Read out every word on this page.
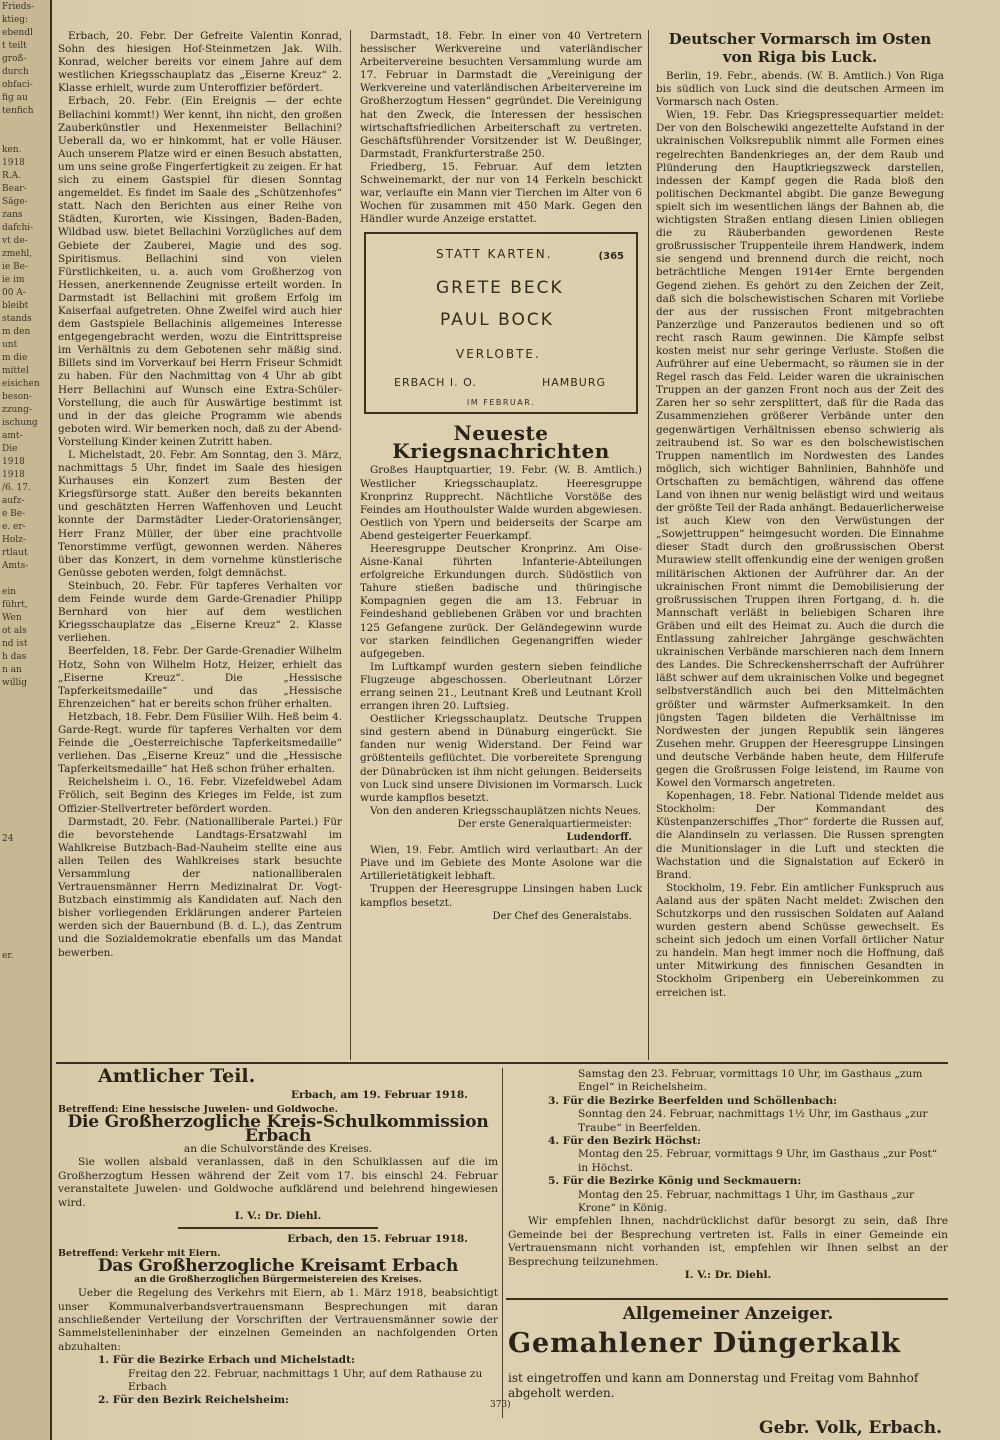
Frieds-

ktieg:

ebendl

t teilt

groß-

durch

obfaci-

fig au

tenfich

ken.

1918

R.A.

Bear-

Säge-

zans

dafchi-

vt de-

zmehl,

ie Be-

ie im

00 A-

bleibt

stands

m den

unt

m die

mittel

eisichen

beson-

zzung-

ischung

amt-

Die

1918

1918

/6. 17.

aufz-

e Be-

e. er-

Holz-

rtlaut

Amts-

ein

führt,

Wen

ot als

nd ist

h das

n an

willig

24

er.

Erbach, 20. Febr. Der Gefreite Valentin Konrad, Sohn des hiesigen Hof-Steinmetzen Jak. Wilh. Konrad, welcher bereits vor einem Jahre auf dem westlichen Kriegsschauplatz das „Eiserne Kreuz“ 2. Klasse erhielt, wurde zum Unteroffizier befördert.

Erbach, 20. Febr. (Ein Ereignis — der echte Bellachini kommt!) Wer kennt, ihn nicht, den großen Zauberkünstler und Hexenmeister Bellachini? Ueberall da, wo er hinkommt, hat er volle Häuser. Auch unserem Platze wird er einen Besuch abstatten, um uns seine große Fingerfertigkeit zu zeigen. Er hat sich zu einem Gastspiel für diesen Sonntag angemeldet. Es findet im Saale des „Schützenhofes“ statt. Nach den Berichten aus einer Reihe von Städten, Kurorten, wie Kissingen, Baden-Baden, Wildbad usw. bietet Bellachini Vorzügliches auf dem Gebiete der Zauberei, Magie und des sog. Spiritismus. Bellachini sind von vielen Fürstlichkeiten, u. a. auch vom Großherzog von Hessen, anerkennende Zeugnisse erteilt worden. In Darmstadt ist Bellachini mit großem Erfolg im Kaiserfaal aufgetreten. Ohne Zweifel wird auch hier dem Gastspiele Bellachinis allgemeines Interesse entgegengebracht werden, wozu die Eintrittspreise im Verhältnis zu dem Gebotenen sehr mäßig sind. Billets sind im Vorverkauf bei Herrn Friseur Schmidt zu haben. Für den Nachmittag von 4 Uhr ab gibt Herr Bellachini auf Wunsch eine Extra-Schüler-Vorstellung, die auch für Auswärtige bestimmt ist und in der das gleiche Programm wie abends geboten wird. Wir bemerken noch, daß zu der Abend-Vorstellung Kinder keinen Zutritt haben.

L Michelstadt, 20. Febr. Am Sonntag, den 3. März, nachmittags 5 Uhr, findet im Saale des hiesigen Kurhauses ein Konzert zum Besten der Kriegsfürsorge statt. Außer den bereits bekannten und geschätzten Herren Waffenhoven und Leucht konnte der Darmstädter Lieder-Oratoriensänger, Herr Franz Müller, der über eine prachtvolle Tenorstimme verfügt, gewonnen werden. Näheres über das Konzert, in dem vornehme künstlerische Genüsse geboten werden, folgt demnächst.

Steinbuch, 20. Febr. Für tapferes Verhalten vor dem Feinde wurde dem Garde-Grenadier Philipp Bernhard von hier auf dem westlichen Kriegsschauplatze das „Eiserne Kreuz“ 2. Klasse verliehen.

Beerfelden, 18. Febr. Der Garde-Grenadier Wilhelm Hotz, Sohn von Wilhelm Hotz, Heizer, erhielt das „Eiserne Kreuz“. Die „Hessische Tapferkeitsmedaille“ und das „Hessische Ehrenzeichen“ hat er bereits schon früher erhalten.

Hetzbach, 18. Febr. Dem Füsilier Wilh. Heß beim 4. Garde-Regt. wurde für tapferes Verhalten vor dem Feinde die „Oesterreichische Tapferkeitsmedaille“ verliehen. Das „Eiserne Kreuz“ und die „Hessische Tapferkeitsmedaille“ hat Heß schon früher erhalten.

Reichelsheim i. O., 16. Febr. Vizefeldwebel Adam Frölich, seit Beginn des Krieges im Felde, ist zum Offizier-Stellvertreter befördert worden.

Darmstadt, 20. Febr. (Nationalliberale Partei.) Für die bevorstehende Landtags-Ersatzwahl im Wahlkreise Butzbach-Bad-Nauheim stellte eine aus allen Teilen des Wahlkreises stark besuchte Versammlung der nationalliberalen Vertrauensmänner Herrn Medizinalrat Dr. Vogt-Butzbach einstimmig als Kandidaten auf. Nach den bisher vorliegenden Erklärungen anderer Parteien werden sich der Bauernbund (B. d. L.), das Zentrum und die Sozialdemokratie ebenfalls um das Mandat bewerben.

Darmstadt, 18. Febr. In einer von 40 Vertretern hessischer Werkvereine und vaterländischer Arbeitervereine besuchten Versammlung wurde am 17. Februar in Darmstadt die „Vereinigung der Werkvereine und vaterländischen Arbeitervereine im Großherzogtum Hessen“ gegründet. Die Vereinigung hat den Zweck, die Interessen der hessischen wirtschaftsfriedlichen Arbeiterschaft zu vertreten. Geschäftsführender Vorsitzender ist W. Deußinger, Darmstadt, Frankfurterstraße 250.

Friedberg, 15. Februar. Auf dem letzten Schweinemarkt, der nur von 14 Ferkeln beschickt war, verlaufte ein Mann vier Tierchen im Alter von 6 Wochen für zusammen mit 450 Mark. Gegen den Händler wurde Anzeige erstattet.

STATT KARTEN.	(365
GRETE BECK
PAUL BOCK
VERLOBTE.
ERBACH I. O.	HAMBURG
IM FEBRUAR.
Neueste Kriegsnachrichten

Großes Hauptquartier, 19. Febr. (W. B. Amtlich.) Westlicher Kriegsschauplatz. Heeresgruppe Kronprinz Rupprecht. Nächtliche Vorstöße des Feindes am Houthoulster Walde wurden abgewiesen. Oestlich von Ypern und beiderseits der Scarpe am Abend gesteigerter Feuerkampf.

Heeresgruppe Deutscher Kronprinz. Am Oise-Aisne-Kanal führten Infanterie-Abteilungen erfolgreiche Erkundungen durch. Südöstlich von Tahure stießen badische und thüringische Kompagnien gegen die am 13. Februar in Feindeshand gebliebenen Gräben vor und brachten 125 Gefangene zurück. Der Geländegewinn wurde vor starken feindlichen Gegenangriffen wieder aufgegeben.

Im Luftkampf wurden gestern sieben feindliche Flugzeuge abgeschossen. Oberleutnant Lörzer errang seinen 21., Leutnant Kreß und Leutnant Kroll errangen ihren 20. Luftsieg.

Oestlicher Kriegsschauplatz. Deutsche Truppen sind gestern abend in Dünaburg eingerückt. Sie fanden nur wenig Widerstand. Der Feind war größtenteils geflüchtet. Die vorbereitete Sprengung der Dünabrücken ist ihm nicht gelungen. Beiderseits von Luck sind unsere Divisionen im Vormarsch. Luck wurde kampflos besetzt.

Von den anderen Kriegsschauplätzen nichts Neues.

Der erste Generalquartiermeister:
Ludendorff.

Wien, 19. Febr. Amtlich wird verlautbart: An der Piave und im Gebiete des Monte Asolone war die Artillerietätigkeit lebhaft.

Truppen der Heeresgruppe Linsingen haben Luck kampflos besetzt.

Der Chef des Generalstabs.
Deutscher Vormarsch im Osten von Riga bis Luck.

Berlin, 19. Febr., abends. (W. B. Amtlich.) Von Riga bis südlich von Luck sind die deutschen Armeen im Vormarsch nach Osten.

Wien, 19. Febr. Das Kriegspressequartier meldet: Der von den Bolschewiki angezettelte Aufstand in der ukrainischen Volksrepublik nimmt alle Formen eines regelrechten Bandenkrieges an, der dem Raub und Plünderung den Hauptkriegszweck darstellen, indessen der Kampf gegen die Rada bloß den politischen Deckmantel abgibt. Die ganze Bewegung spielt sich im wesentlichen längs der Bahnen ab, die wichtigsten Straßen entlang diesen Linien obliegen die zu Räuberbanden gewordenen Reste großrussischer Truppenteile ihrem Handwerk, indem sie sengend und brennend durch die reicht, noch beträchtliche Mengen 1914er Ernte bergenden Gegend ziehen. Es gehört zu den Zeichen der Zeit, daß sich die bolschewistischen Scharen mit Vorliebe der aus der russischen Front mitgebrachten Panzerzüge und Panzerautos bedienen und so oft recht rasch Raum gewinnen. Die Kämpfe selbst kosten meist nur sehr geringe Verluste. Stoßen die Aufrührer auf eine Uebermacht, so räumen sie in der Regel rasch das Feld. Leider waren die ukrainischen Truppen an der ganzen Front noch aus der Zeit des Zaren her so sehr zersplittert, daß für die Rada das Zusammenziehen größerer Verbände unter den gegenwärtigen Verhältnissen ebenso schwierig als zeitraubend ist. So war es den bolschewistischen Truppen namentlich im Nordwesten des Landes möglich, sich wichtiger Bahnlinien, Bahnhöfe und Ortschaften zu bemächtigen, während das offene Land von ihnen nur wenig belästigt wird und weitaus der größte Teil der Rada anhängt. Bedauerlicherweise ist auch Kiew von den Verwüstungen der „Sowjettruppen“ heimgesucht worden. Die Einnahme dieser Stadt durch den großrussischen Oberst Murawiew stellt offenkundig eine der wenigen großen militärischen Aktionen der Aufrührer dar. An der ukrainischen Front nimmt die Demobilisierung der großrussischen Truppen ihren Fortgang, d. h. die Mannschaft verläßt in beliebigen Scharen ihre Gräben und eilt des Heimat zu. Auch die durch die Entlassung zahlreicher Jahrgänge geschwächten ukrainischen Verbände marschieren nach dem Innern des Landes. Die Schreckensherrschaft der Aufrührer läßt schwer auf dem ukrainischen Volke und begegnet selbstverständlich auch bei den Mittelmächten größter und wärmster Aufmerksamkeit. In den jüngsten Tagen bildeten die Verhältnisse im Nordwesten der jungen Republik sein längeres Zusehen mehr. Gruppen der Heeresgruppe Linsingen und deutsche Verbände haben heute, dem Hilferufe gegen die Großrussen Folge leistend, im Raume von Kowel den Vormarsch angetreten.

Kopenhagen, 18. Febr. National Tidende meldet aus Stockholm: Der Kommandant des Küstenpanzerschiffes „Thor“ forderte die Russen auf, die Alandinseln zu verlassen. Die Russen sprengten die Munitionslager in die Luft und steckten die Wachstation und die Signalstation auf Eckerö in Brand.

Stockholm, 19. Febr. Ein amtlicher Funkspruch aus Aaland aus der späten Nacht meldet: Zwischen den Schutzkorps und den russischen Soldaten auf Aaland wurden gestern abend Schüsse gewechselt. Es scheint sich jedoch um einen Vorfall örtlicher Natur zu handeln. Man hegt immer noch die Hoffnung, daß unter Mitwirkung des finnischen Gesandten in Stockholm Gripenberg ein Uebereinkommen zu erreichen ist.

Amtlicher Teil.

Erbach, am 19. Februar 1918.

Betreffend: Eine hessische Juwelen- und Goldwoche.

Die Großherzogliche Kreis-Schulkommission Erbach

an die Schulvorstände des Kreises.

Sie wollen alsbald veranlassen, daß in den Schulklassen auf die im Großherzogtum Hessen während der Zeit vom 17. bis einschl 24. Februar veranstaltete Juwelen- und Goldwoche aufklärend und belehrend hingewiesen wird.

I. V.: Dr. Diehl.

Erbach, den 15. Februar 1918.

Betreffend: Verkehr mit Eiern.

Das Großherzogliche Kreisamt Erbach

an die Großherzoglichen Bürgermeistereien des Kreises.

Ueber die Regelung des Verkehrs mit Eiern, ab 1. März 1918, beabsichtigt unser Kommunalverbandsvertrauensmann Besprechungen mit daran anschließender Verteilung der Vorschriften der Vertrauensmänner sowie der Sammelstelleninhaber der einzelnen Gemeinden an nachfolgenden Orten abzuhalten:

1. Für die Bezirke Erbach und Michelstadt:

Freitag den 22. Februar, nachmittags 1 Uhr, auf dem Rathause zu Erbach

2. Für den Bezirk Reichelsheim:

Samstag den 23. Februar, vormittags 10 Uhr, im Gasthaus „zum Engel“ in Reichelsheim.

3. Für die Bezirke Beerfelden und Schöllenbach:

Sonntag den 24. Februar, nachmittags 1½ Uhr, im Gasthaus „zur Traube“ in Beerfelden.

4. Für den Bezirk Höchst:

Montag den 25. Februar, vormittags 9 Uhr, im Gasthaus „zur Post“ in Höchst.

5. Für die Bezirke König und Seckmauern:

Montag den 25. Februar, nachmittags 1 Uhr, im Gasthaus „zur Krone“ in König.

Wir empfehlen Ihnen, nachdrücklichst dafür besorgt zu sein, daß Ihre Gemeinde bei der Besprechung vertreten ist. Falls in einer Gemeinde ein Vertrauensmann nicht vorhanden ist, empfehlen wir Ihnen selbst an der Besprechung teilzunehmen.

I. V.: Dr. Diehl.

Allgemeiner Anzeiger.
Gemahlener Düngerkalk

ist eingetroffen und kann am Donnerstag und Freitag vom Bahnhof abgeholt werden.

Gebr. Volk, Erbach.

373)
